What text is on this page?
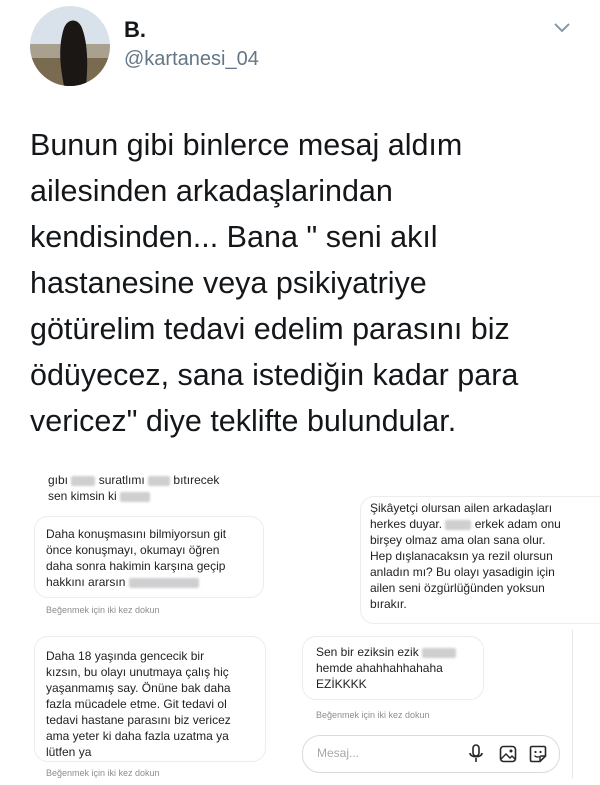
B.
@kartanesi_04
Bunun gibi binlerce mesaj aldım
ailesinden arkadaşlarindan
kendisinden... Bana " seni akıl
hastanesine veya psikiyatriye
götürelim tedavi edelim parasını biz
ödüyecez, sana istediğin kadar para
vericez" diye teklifte bulundular.
gıbı	suratlımı bıtırecek
sen kimsin ki
Daha konuşmasını bilmiyorsun git
önce konuşmayı, okumayı öğren
daha sonra hakimin karşına geçip
hakkını ararsın
Beğenmek için iki kez dokun
Daha 18 yaşında gencecik bir
kızsın, bu olayı unutmaya çalış hiç
yaşanmamış say. Önüne bak daha
fazla mücadele etme. Git tedavi ol
tedavi hastane parasını biz vericez
ama yeter ki daha fazla uzatma ya
lütfen ya
Beğenmek için iki kez dokun
Şikâyetçi olursan ailen arkadaşları
herkes duyar.	erkek adam onu
birşey olmaz ama olan sana olur.
Hep dışlanacaksın ya rezil olursun
anladın mı? Bu olayı yasadigin için
ailen seni özgürlüğünden yoksun
bırakır.
Sen bir eziksin ezik
hemde ahahhahhahaha
EZİKKKK
Beğenmek için iki kez dokun
Mesaj...
